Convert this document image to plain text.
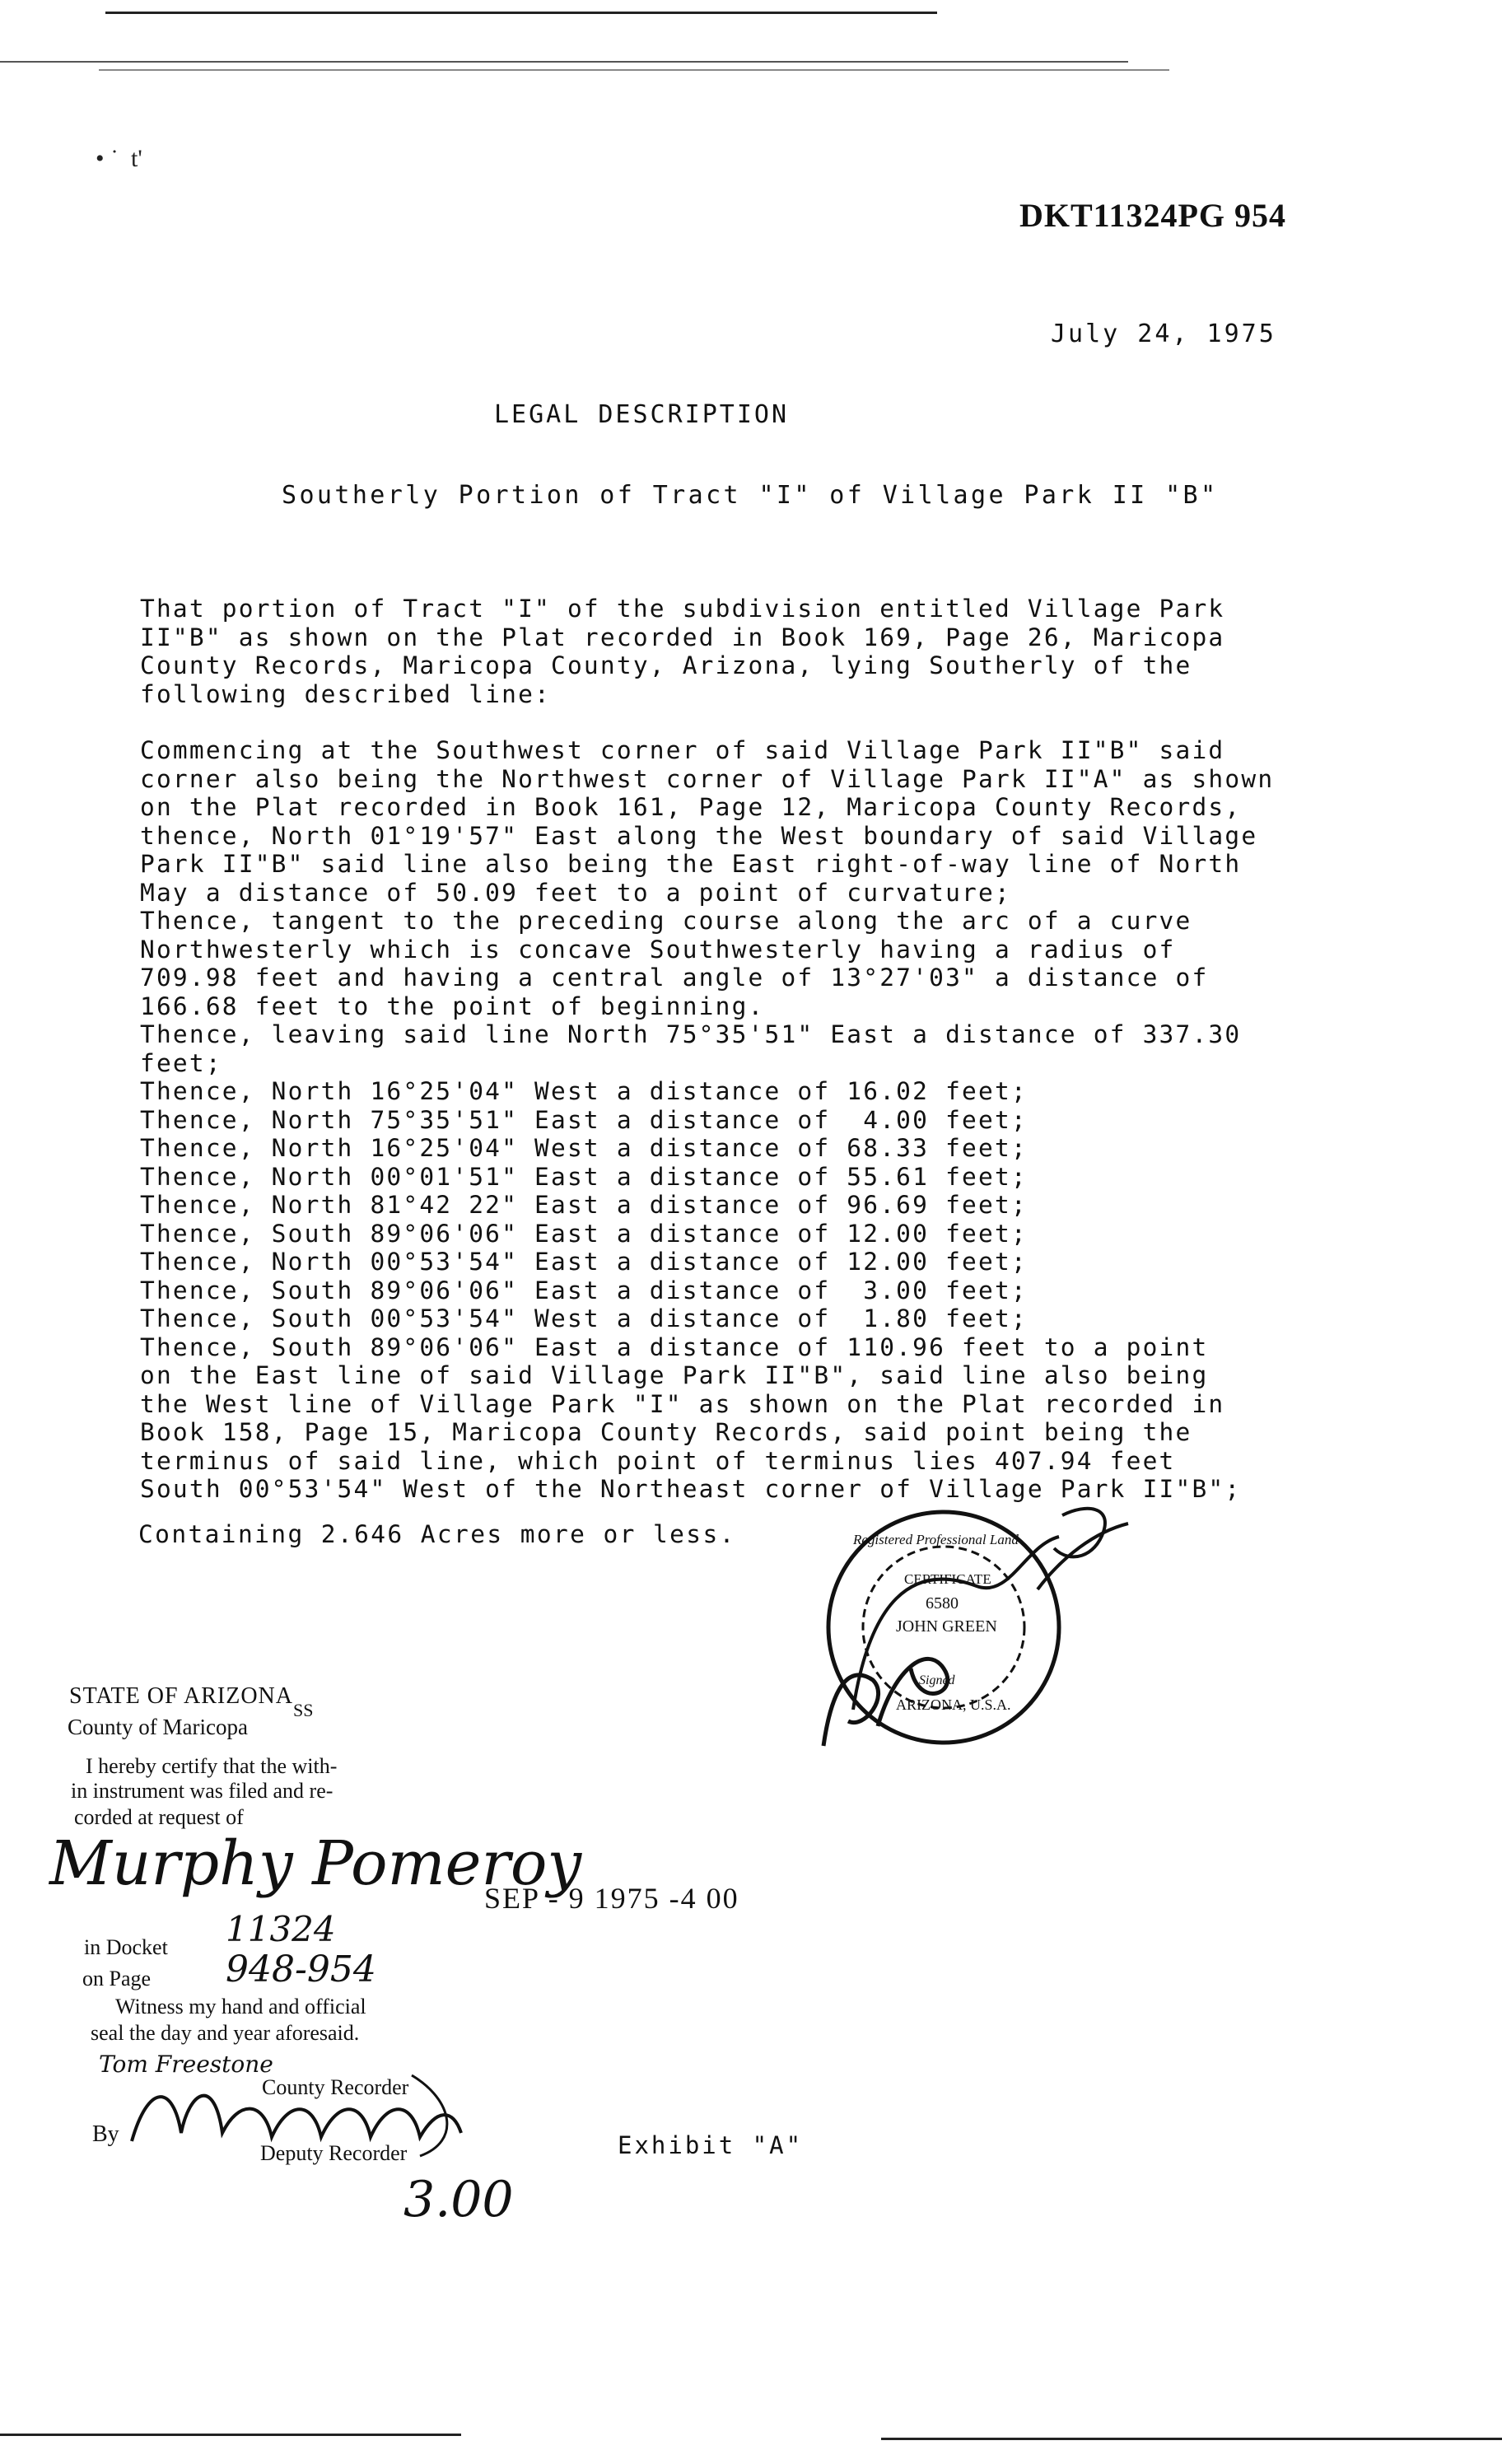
• ˙  t'
DKT11324PG 954
July 24, 1975
LEGAL DESCRIPTION
Southerly Portion of Tract "I" of Village Park II "B"
That portion of Tract "I" of the subdivision entitled Village Park
II"B" as shown on the Plat recorded in Book 169, Page 26, Maricopa
County Records, Maricopa County, Arizona, lying Southerly of the
following described line:
Commencing at the Southwest corner of said Village Park II"B" said
corner also being the Northwest corner of Village Park II"A" as shown
on the Plat recorded in Book 161, Page 12, Maricopa County Records,
thence, North 01°19'57" East along the West boundary of said Village
Park II"B" said line also being the East right-of-way line of North
May a distance of 50.09 feet to a point of curvature;
Thence, tangent to the preceding course along the arc of a curve
Northwesterly which is concave Southwesterly having a radius of
709.98 feet and having a central angle of 13°27'03" a distance of
166.68 feet to the point of beginning.
Thence, leaving said line North 75°35'51" East a distance of 337.30
feet;
Thence, North 16°25'04" West a distance of 16.02 feet;
Thence, North 75°35'51" East a distance of  4.00 feet;
Thence, North 16°25'04" West a distance of 68.33 feet;
Thence, North 00°01'51" East a distance of 55.61 feet;
Thence, North 81°42 22" East a distance of 96.69 feet;
Thence, South 89°06'06" East a distance of 12.00 feet;
Thence, North 00°53'54" East a distance of 12.00 feet;
Thence, South 89°06'06" East a distance of  3.00 feet;
Thence, South 00°53'54" West a distance of  1.80 feet;
Thence, South 89°06'06" East a distance of 110.96 feet to a point
on the East line of said Village Park II"B", said line also being
the West line of Village Park "I" as shown on the Plat recorded in
Book 158, Page 15, Maricopa County Records, said point being the
terminus of said line, which point of terminus lies 407.94 feet
South 00°53'54" West of the Northeast corner of Village Park II"B";
Containing 2.646 Acres more or less.	Registered Professional Land
CERTIFICATE
6580
JOHN GREEN
Signed
ARIZONA, U.S.A.
STATE OF ARIZONA
SS
County of Maricopa
I hereby certify that the with-
in instrument was filed and re-
corded at request of
Murphy Pomeroy
SEP - 9 1975 -4 00
in Docket 11324
on Page 948-954
Witness my hand and official
seal the day and year aforesaid.
Tom Freestone
County Recorder
By
Deputy Recorder
3.00
Exhibit "A"
